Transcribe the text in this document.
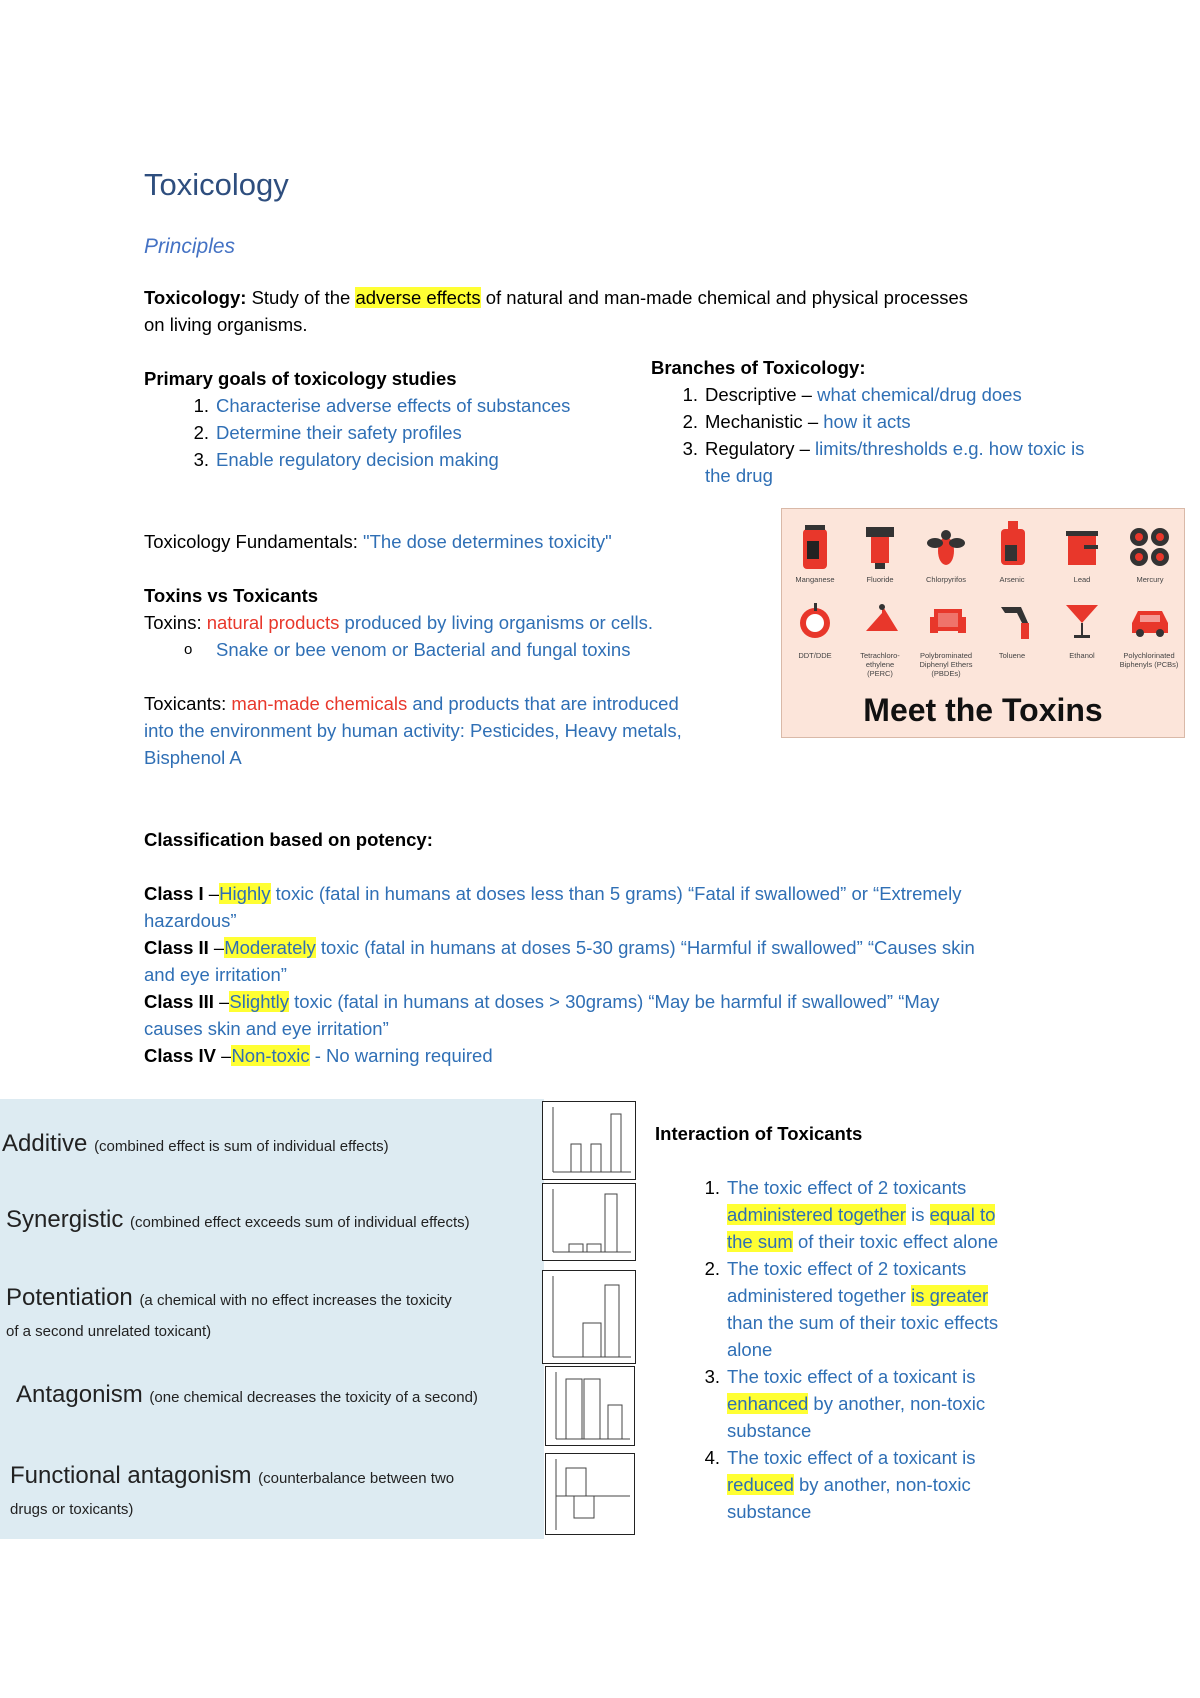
Toxicology
Principles
Toxicology: Study of the adverse effects of natural and man-made chemical and physical processes
on living organisms.
Primary goals of toxicology studies
1. Characterise adverse effects of substances
2. Determine their safety profiles
3. Enable regulatory decision making
Branches of Toxicology:
1. Descriptive – what chemical/drug does
2. Mechanistic – how it acts
3. Regulatory – limits/thresholds e.g. how toxic is
the drug
Toxicology Fundamentals: "The dose determines toxicity"
Toxins vs Toxicants
Toxins: natural products produced by living organisms or cells.
o Snake or bee venom or Bacterial and fungal toxins
Toxicants: man-made chemicals and products that are introduced
into the environment by human activity: Pesticides, Heavy metals,
Bisphenol A
Manganese	Fluoride	Chlorpyrifos	Arsenic	Lead	Mercury
DDT/DDE	Tetrachloro-
ethylene
(PERC)
Polybrominated
Diphenyl Ethers
(PBDEs)
Toluene	Ethanol	Polychlorinated
Biphenyls (PCBs)
Meet the Toxins
Classification based on potency:
Class I –Highly toxic (fatal in humans at doses less than 5 grams) “Fatal if swallowed” or “Extremely
hazardous”
Class II –Moderately toxic (fatal in humans at doses 5-30 grams) “Harmful if swallowed” “Causes skin
and eye irritation”
Class III –Slightly toxic (fatal in humans at doses > 30grams) “May be harmful if swallowed” “May
causes skin and eye irritation”
Class IV –Non-toxic - No warning required
Additive (combined effect is sum of individual effects)
Synergistic (combined effect exceeds sum of individual effects)
Potentiation (a chemical with no effect increases the toxicity
of a second unrelated toxicant)
Antagonism (one chemical decreases the toxicity of a second)
Functional antagonism (counterbalance between two
drugs or toxicants)
Interaction of Toxicants
1. The toxic effect of 2 toxicants
administered together is equal to
the sum of their toxic effect alone
2. The toxic effect of 2 toxicants
administered together is greater
than the sum of their toxic effects
alone
3. The toxic effect of a toxicant is
enhanced by another, non-toxic
substance
4. The toxic effect of a toxicant is
reduced by another, non-toxic
substance
